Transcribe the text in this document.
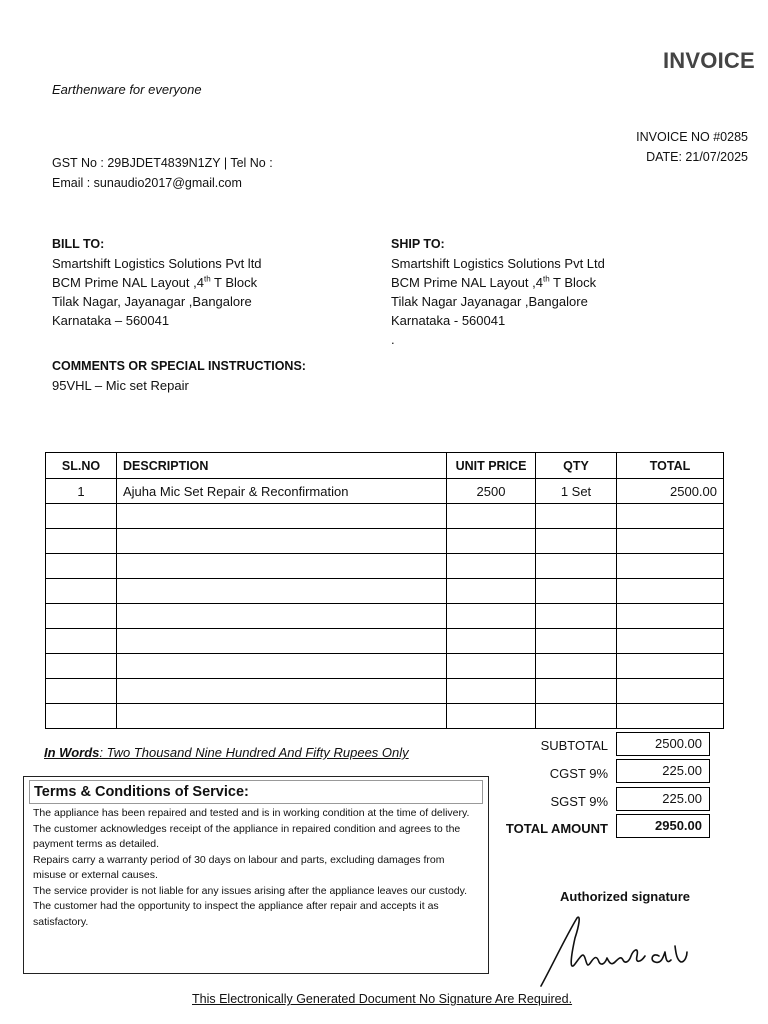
INVOICE
Earthenware for everyone
GST No : 29BJDET4839N1ZY | Tel No :
Email : sunaudio2017@gmail.com
INVOICE NO #0285
DATE: 21/07/2025
BILL TO:
Smartshift Logistics Solutions Pvt ltd
BCM Prime NAL Layout ,4th T Block
Tilak Nagar, Jayanagar ,Bangalore
Karnataka – 560041
SHIP TO:
Smartshift Logistics Solutions Pvt Ltd
BCM Prime NAL Layout ,4th T Block
Tilak Nagar Jayanagar ,Bangalore
Karnataka - 560041
.
COMMENTS OR SPECIAL INSTRUCTIONS:
95VHL – Mic set Repair
SL.NO	DESCRIPTION	UNIT PRICE	QTY	TOTAL
1	Ajuha Mic Set Repair & Reconfirmation	2500	1 Set	2500.00

In Words: Two Thousand Nine Hundred And Fifty Rupees Only	SUBTOTAL	2500.00
CGST 9%	225.00
SGST 9%	225.00
TOTAL AMOUNT	2950.00
Terms & Conditions of Service:
The appliance has been repaired and tested and is in working condition at the time of delivery.
The customer acknowledges receipt of the appliance in repaired condition and agrees to the payment terms as detailed.
Repairs carry a warranty period of 30 days on labour and parts, excluding damages from misuse or external causes.
The service provider is not liable for any issues arising after the appliance leaves our custody.
The customer had the opportunity to inspect the appliance after repair and accepts it as satisfactory.
Authorized signature
This Electronically Generated Document No Signature Are Required.
